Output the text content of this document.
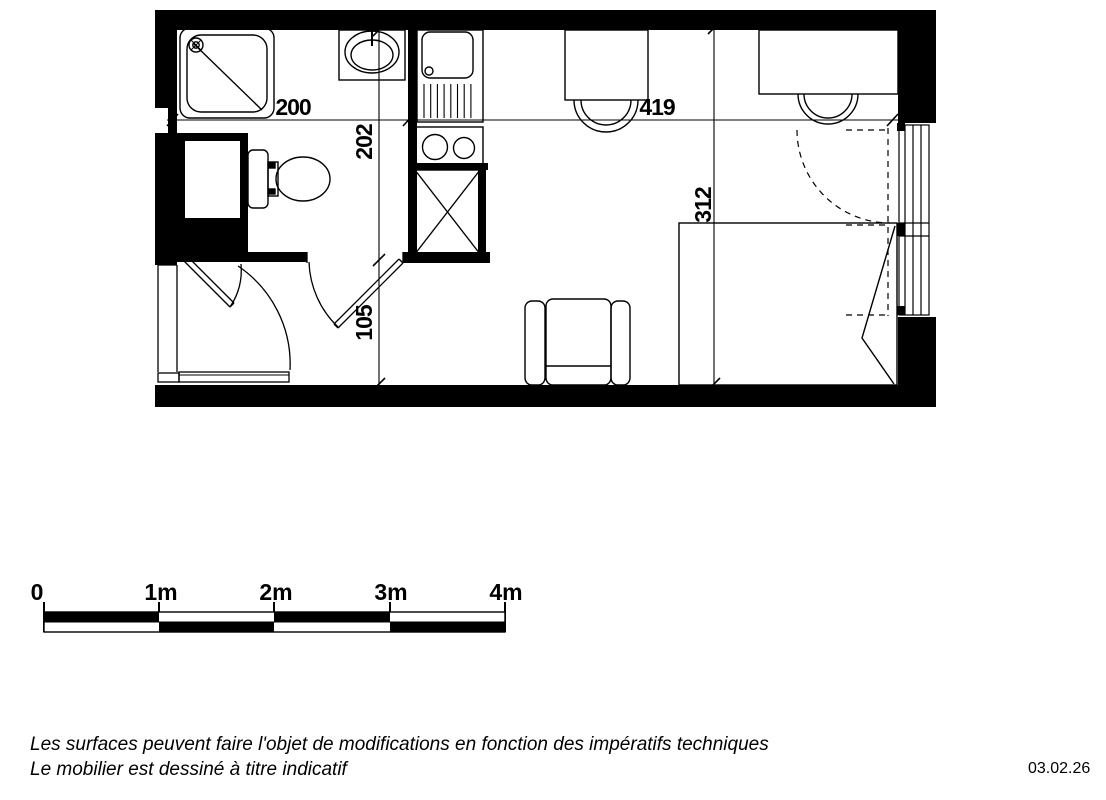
200	419
202
105
312
0	1m	2m	3m	4m
Les surfaces peuvent faire l'objet de modifications en fonction des impératifs techniques
Le mobilier est dessiné à titre indicatif	03.02.26
